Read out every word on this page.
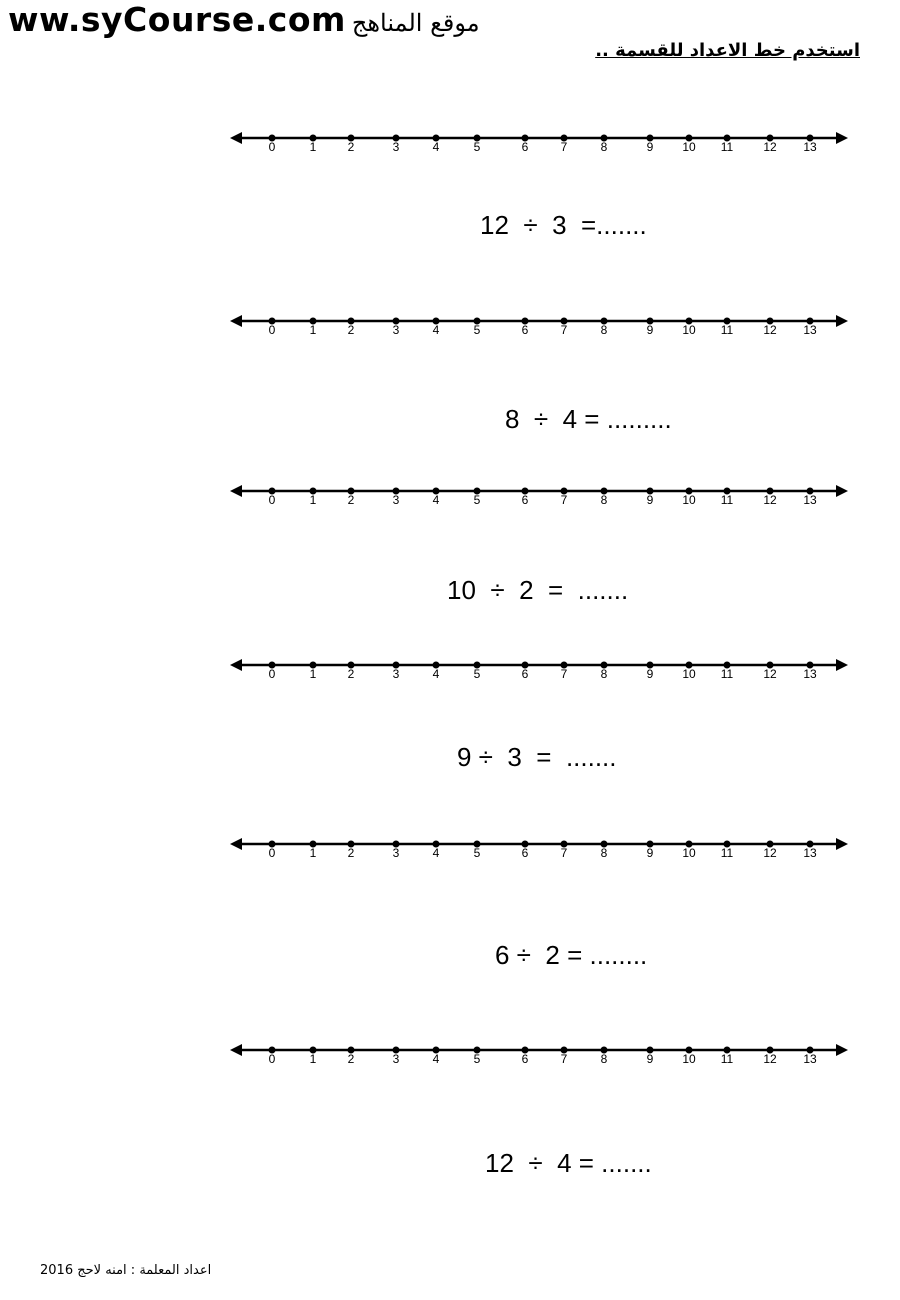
ww.syCourse.com موقع المناهج
استخدم خط الاعداد للقسمة ..
0	1	2	3	4	5	6	7	8	9 10 11	12 13
12  ÷  3  =.......
0	1	2	3	4	5	6	7	8	9 10 11	12 13
8  ÷  4 = .........
0	1	2	3	4	5	6	7	8	9 10 11	12 13
10  ÷  2  =  .......
0	1	2	3	4	5	6	7	8	9 10 11	12 13
9 ÷  3  =  .......
0	1	2	3	4	5	6	7	8	9 10 11	12 13
6 ÷  2 = ........
0	1	2	3	4	5	6	7	8	9 10 11	12 13
12  ÷  4 = .......
اعداد المعلمة : امنه لاحج 2016
